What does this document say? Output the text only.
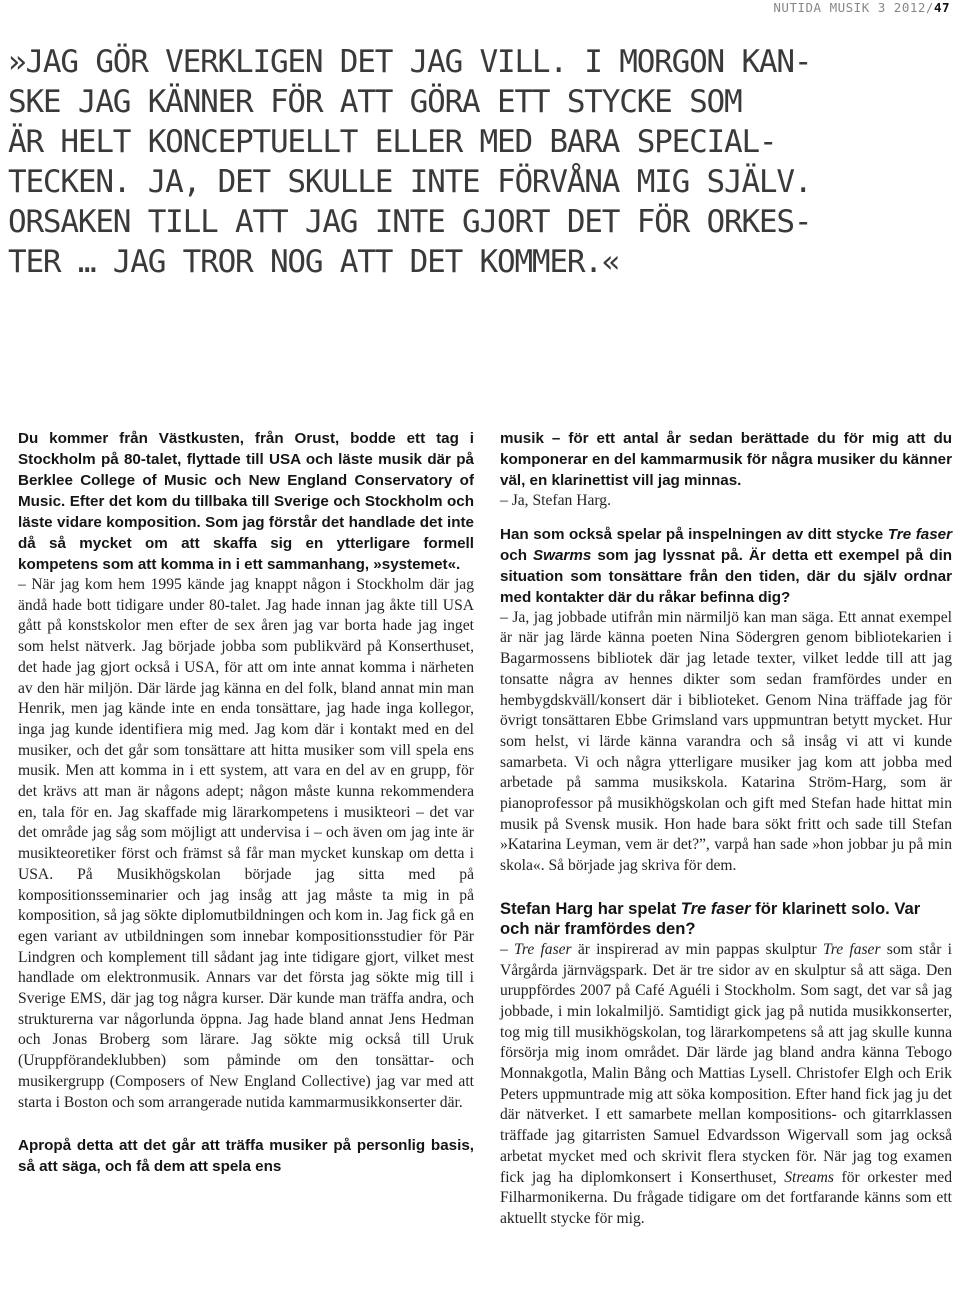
NUTIDA MUSIK 3 2012/47
»JAG GÖR VERKLIGEN DET JAG VILL. I MORGON KAN-
SKE JAG KÄNNER FÖR ATT GÖRA ETT STYCKE SOM
ÄR HELT KONCEPTUELLT ELLER MED BARA SPECIAL-
TECKEN. JA, DET SKULLE INTE FÖRVÅNA MIG SJÄLV.
ORSAKEN TILL ATT JAG INTE GJORT DET FÖR ORKES-
TER … JAG TROR NOG ATT DET KOMMER.«

Du kommer från Västkusten, från Orust, bodde ett tag i Stockholm på 80-talet, flyttade till USA och läste musik där på Berklee College of Music och New England Conservatory of Music. Efter det kom du tillbaka till Sverige och Stockholm och läste vidare komposition. Som jag förstår det handlade det inte då så mycket om att skaffa sig en ytterligare formell kompetens som att komma in i ett sammanhang, »systemet«.

– När jag kom hem 1995 kände jag knappt någon i Stockholm där jag ändå hade bott tidigare under 80-talet. Jag hade innan jag åkte till USA gått på konstskolor men efter de sex åren jag var borta hade jag inget som helst nätverk. Jag började jobba som publikvärd på Konserthuset, det hade jag gjort också i USA, för att om inte annat komma i närheten av den här miljön. Där lärde jag känna en del folk, bland annat min man Henrik, men jag kände inte en enda tonsättare, jag hade inga kollegor, inga jag kunde identifiera mig med. Jag kom där i kontakt med en del musiker, och det går som tonsättare att hitta musiker som vill spela ens musik. Men att komma in i ett system, att vara en del av en grupp, för det krävs att man är någons adept; någon måste kunna rekommendera en, tala för en. Jag skaffade mig lärarkompetens i musikteori – det var det område jag såg som möjligt att undervisa i – och även om jag inte är musikteoretiker först och främst så får man mycket kunskap om detta i USA. På Musikhögskolan började jag sitta med på kompositionsseminarier och jag insåg att jag måste ta mig in på komposition, så jag sökte diplomutbildningen och kom in. Jag fick gå en egen variant av utbildningen som innebar kompositionsstudier för Pär Lindgren och komplement till sådant jag inte tidigare gjort, vilket mest handlade om elektronmusik. Annars var det första jag sökte mig till i Sverige EMS, där jag tog några kurser. Där kunde man träffa andra, och strukturerna var någorlunda öppna. Jag hade bland annat Jens Hedman och Jonas Broberg som lärare. Jag sökte mig också till Uruk (Uruppförandeklubben) som påminde om den tonsättar- och musikergrupp (Composers of New England Collective) jag var med att starta i Boston och som arrangerade nutida kammarmusikkonserter där.

Apropå detta att det går att träffa musiker på personlig basis, så att säga, och få dem att spela ens

musik – för ett antal år sedan berättade du för mig att du komponerar en del kammarmusik för några musiker du känner väl, en klarinettist vill jag minnas.

– Ja, Stefan Harg.

Han som också spelar på inspelningen av ditt stycke Tre faser och Swarms som jag lyssnat på. Är detta ett exempel på din situation som tonsättare från den tiden, där du själv ordnar med kontakter där du råkar befinna dig?

– Ja, jag jobbade utifrån min närmiljö kan man säga. Ett annat exempel är när jag lärde känna poeten Nina Södergren genom bibliotekarien i Bagarmossens bibliotek där jag letade texter, vilket ledde till att jag tonsatte några av hennes dikter som sedan framfördes under en hembygdskväll/konsert där i biblioteket. Genom Nina träffade jag för övrigt tonsättaren Ebbe Grimsland vars uppmuntran betytt mycket. Hur som helst, vi lärde känna varandra och så insåg vi att vi kunde samarbeta. Vi och några ytterligare musiker jag kom att jobba med arbetade på samma musikskola. Katarina Ström-Harg, som är pianoprofessor på musikhögskolan och gift med Stefan hade hittat min musik på Svensk musik. Hon hade bara sökt fritt och sade till Stefan »Katarina Leyman, vem är det?”, varpå han sade »hon jobbar ju på min skola«. Så började jag skriva för dem.

Stefan Harg har spelat Tre faser för klarinett solo. Var och när framfördes den?

– Tre faser är inspirerad av min pappas skulptur Tre faser som står i Vårgårda järnvägspark. Det är tre sidor av en skulptur så att säga. Den uruppfördes 2007 på Café Aguéli i Stockholm. Som sagt, det var så jag jobbade, i min lokalmiljö. Samtidigt gick jag på nutida musikkonserter, tog mig till musikhögskolan, tog lärarkompetens så att jag skulle kunna försörja mig inom området. Där lärde jag bland andra känna Tebogo Monnakgotla, Malin Bång och Mattias Lysell. Christofer Elgh och Erik Peters uppmuntrade mig att söka komposition. Efter hand fick jag ju det där nätverket. I ett samarbete mellan kompositions- och gitarrklassen träffade jag gitarristen Samuel Edvardsson Wigervall som jag också arbetat mycket med och skrivit flera stycken för. När jag tog examen fick jag ha diplomkonsert i Konserthuset, Streams för orkester med Filharmonikerna. Du frågade tidigare om det fortfarande känns som ett aktuellt stycke för mig.
